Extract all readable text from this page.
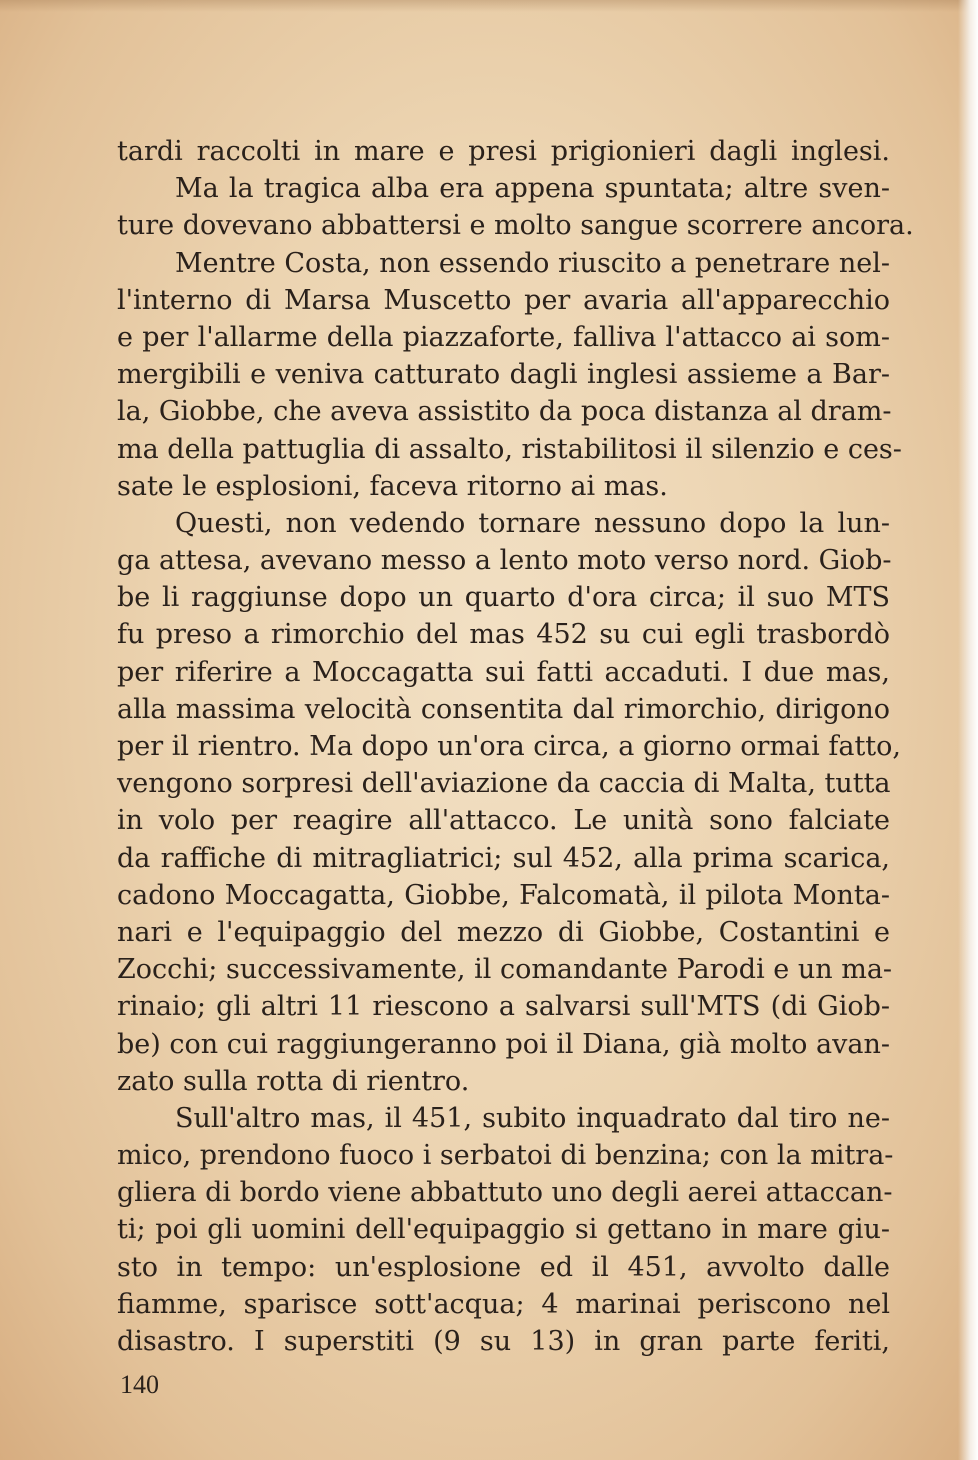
tardi raccolti in mare e presi prigionieri dagli inglesi.
Ma la tragica alba era appena spuntata; altre sven-
ture dovevano abbattersi e molto sangue scorrere ancora.
Mentre Costa, non essendo riuscito a penetrare nel-
l'interno di Marsa Muscetto per avaria all'apparecchio
e per l'allarme della piazzaforte, falliva l'attacco ai som-
mergibili e veniva catturato dagli inglesi assieme a Bar-
la, Giobbe, che aveva assistito da poca distanza al dram-
ma della pattuglia di assalto, ristabilitosi il silenzio e ces-
sate le esplosioni, faceva ritorno ai mas.
Questi, non vedendo tornare nessuno dopo la lun-
ga attesa, avevano messo a lento moto verso nord. Giob-
be li raggiunse dopo un quarto d'ora circa; il suo MTS
fu preso a rimorchio del mas 452 su cui egli trasbordò
per riferire a Moccagatta sui fatti accaduti. I due mas,
alla massima velocità consentita dal rimorchio, dirigono
per il rientro. Ma dopo un'ora circa, a giorno ormai fatto,
vengono sorpresi dell'aviazione da caccia di Malta, tutta
in volo per reagire all'attacco. Le unità sono falciate
da raffiche di mitragliatrici; sul 452, alla prima scarica,
cadono Moccagatta, Giobbe, Falcomatà, il pilota Monta-
nari e l'equipaggio del mezzo di Giobbe, Costantini e
Zocchi; successivamente, il comandante Parodi e un ma-
rinaio; gli altri 11 riescono a salvarsi sull'MTS (di Giob-
be) con cui raggiungeranno poi il Diana, già molto avan-
zato sulla rotta di rientro.
Sull'altro mas, il 451, subito inquadrato dal tiro ne-
mico, prendono fuoco i serbatoi di benzina; con la mitra-
gliera di bordo viene abbattuto uno degli aerei attaccan-
ti; poi gli uomini dell'equipaggio si gettano in mare giu-
sto in tempo: un'esplosione ed il 451, avvolto dalle
fiamme, sparisce sott'acqua; 4 marinai periscono nel
disastro. I superstiti (9 su 13) in gran parte feriti,
140
